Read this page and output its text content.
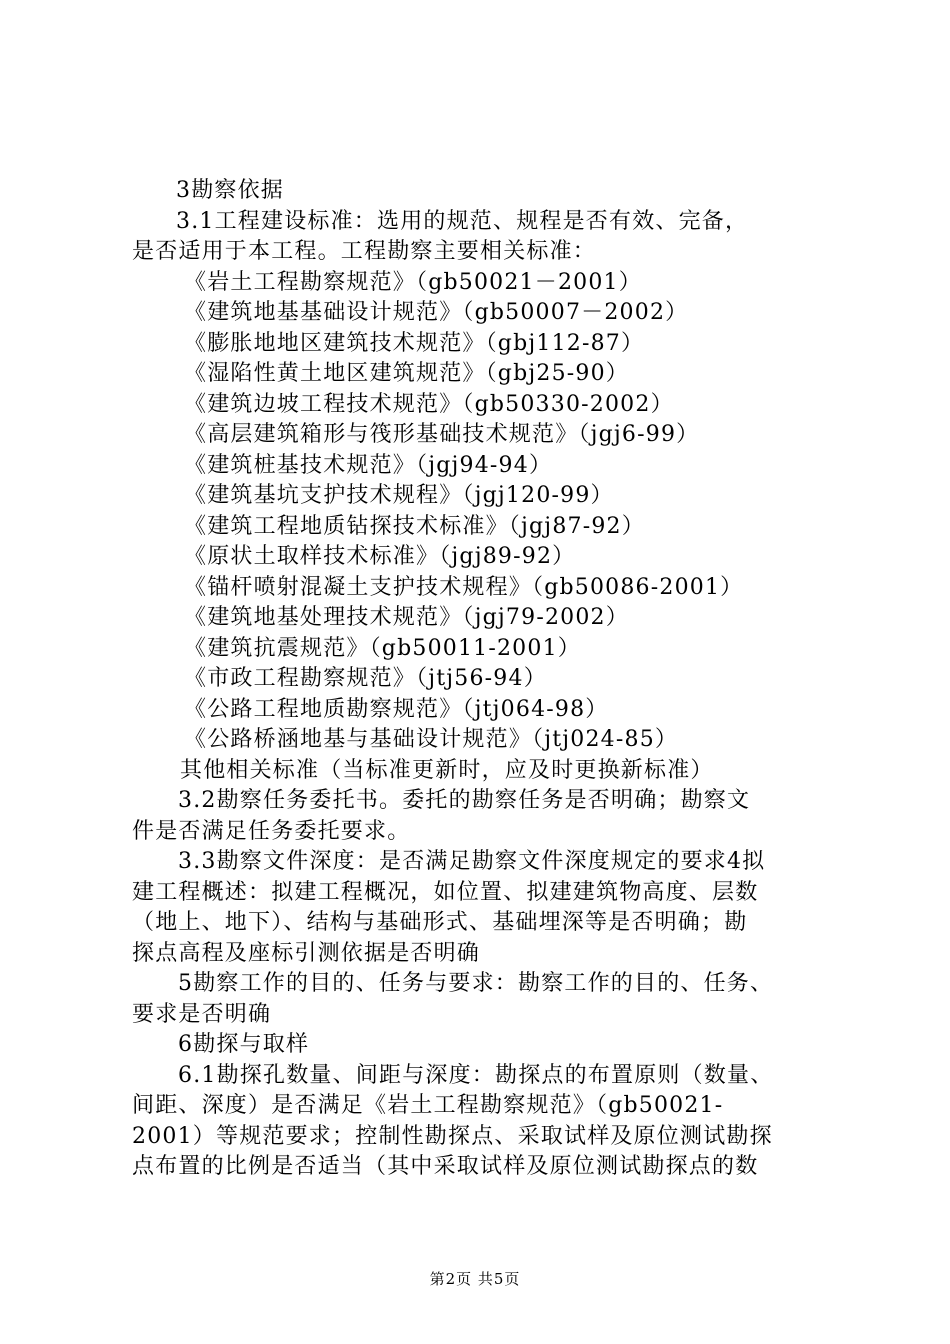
3勘察依据
3.1工程建设标准：选用的规范、规程是否有效、完备，
是否适用于本工程。工程勘察主要相关标准：
《岩土工程勘察规范》（gb50021－2001）
《建筑地基基础设计规范》（gb50007－2002）
《膨胀地地区建筑技术规范》（gbj112-87）
《湿陷性黄土地区建筑规范》（gbj25-90）
《建筑边坡工程技术规范》（gb50330-2002）
《高层建筑箱形与筏形基础技术规范》（jgj6-99）
《建筑桩基技术规范》（jgj94-94）
《建筑基坑支护技术规程》（jgj120-99）
《建筑工程地质钻探技术标准》（jgj87-92）
《原状土取样技术标准》（jgj89-92）
《锚杆喷射混凝土支护技术规程》（gb50086-2001）
《建筑地基处理技术规范》（jgj79-2002）
《建筑抗震规范》（gb50011-2001）
《市政工程勘察规范》（jtj56-94）
《公路工程地质勘察规范》（jtj064-98）
《公路桥涵地基与基础设计规范》（jtj024-85）
其他相关标准（当标准更新时，应及时更换新标准）
3.2勘察任务委托书。委托的勘察任务是否明确；勘察文
件是否满足任务委托要求。
3.3勘察文件深度：是否满足勘察文件深度规定的要求4拟
建工程概述：拟建工程概况，如位置、拟建建筑物高度、层数
（地上、地下）、结构与基础形式、基础埋深等是否明确；勘
探点高程及座标引测依据是否明确
5勘察工作的目的、任务与要求：勘察工作的目的、任务、
要求是否明确
6勘探与取样
6.1勘探孔数量、间距与深度：勘探点的布置原则（数量、
间距、深度）是否满足《岩土工程勘察规范》（gb50021-
2001）等规范要求；控制性勘探点、采取试样及原位测试勘探
点布置的比例是否适当（其中采取试样及原位测试勘探点的数
第2页 共5页
